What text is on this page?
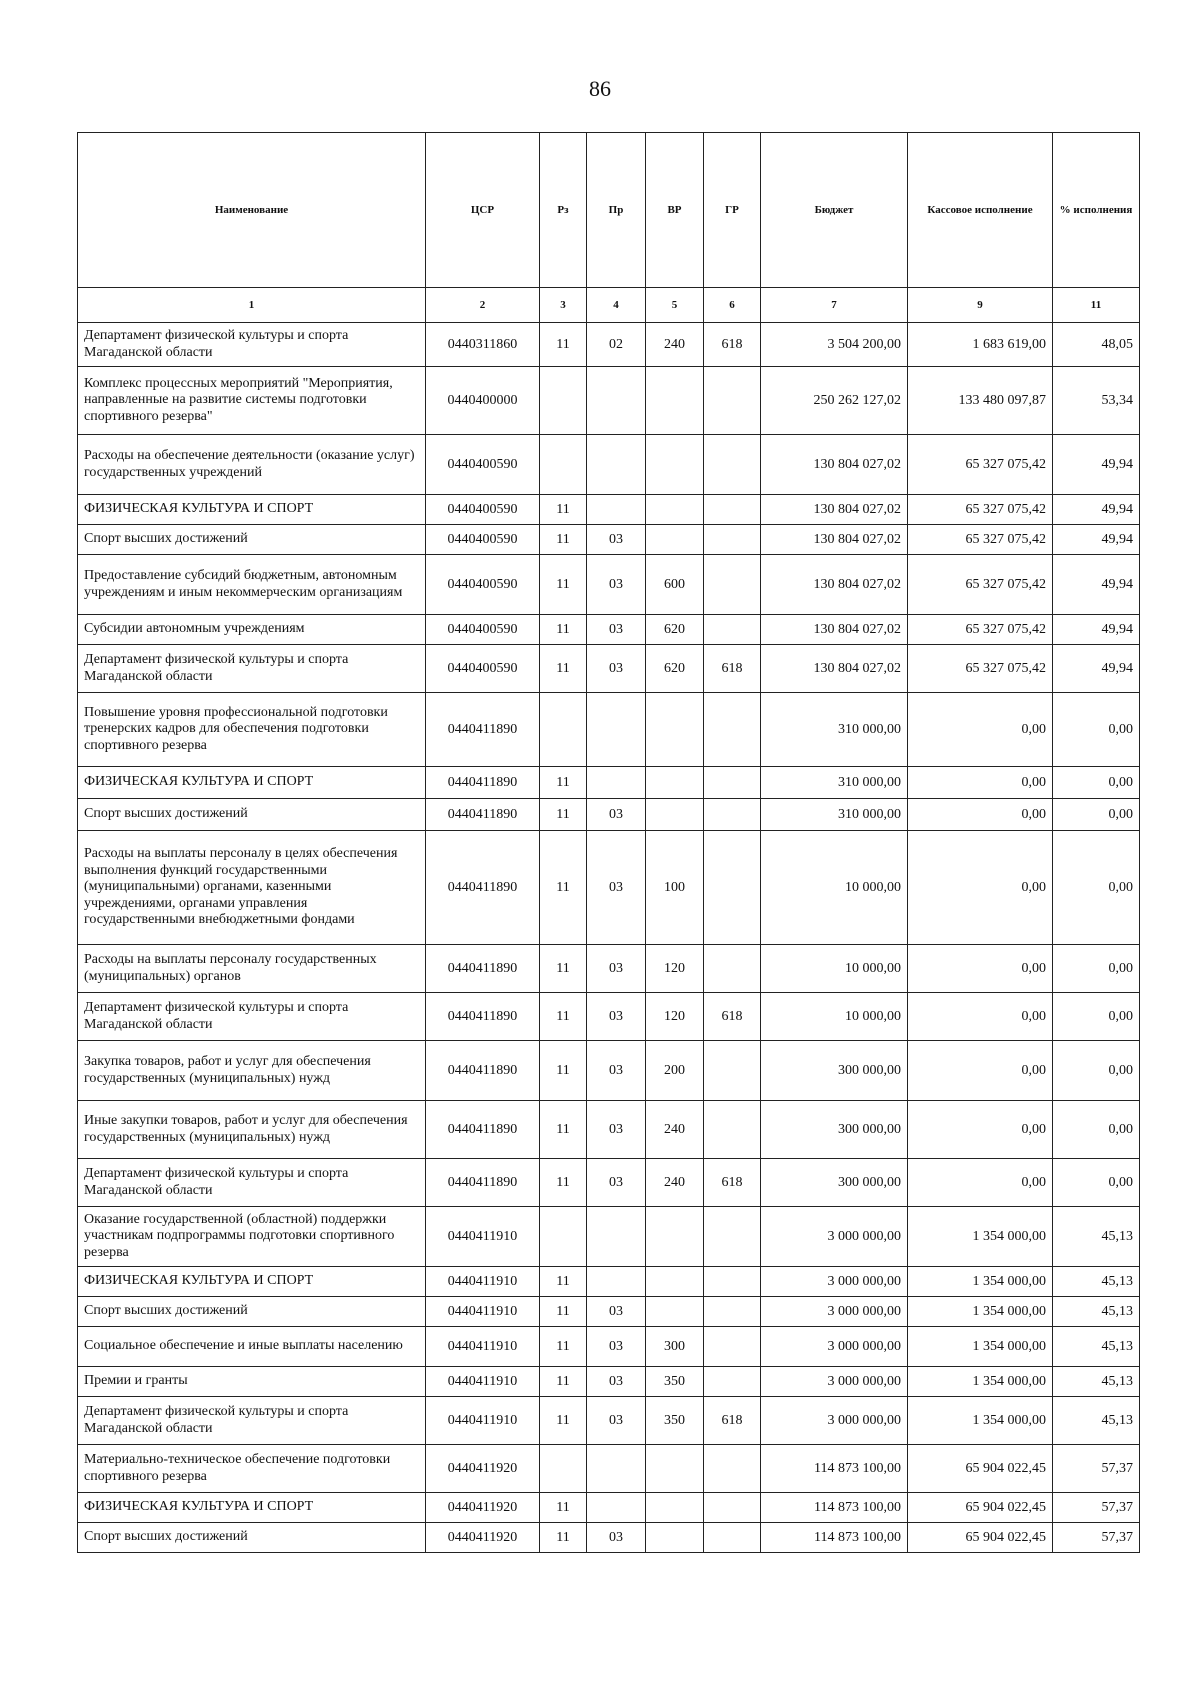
86
Наименование	ЦСР	Рз	Пр	ВР	ГР	Бюджет	Кассовое исполнение	% исполнения
1	2	3	4	5	6	7	9	11
Департамент физической культуры и спорта Магаданской области	0440311860	11	02	240	618	3 504 200,00	1 683 619,00	48,05
Комплекс процессных мероприятий "Мероприятия, направленные на развитие системы подготовки спортивного резерва"	0440400000					250 262 127,02	133 480 097,87	53,34
Расходы на обеспечение деятельности (оказание услуг) государственных учреждений	0440400590					130 804 027,02	65 327 075,42	49,94
ФИЗИЧЕСКАЯ КУЛЬТУРА И СПОРТ	0440400590	11				130 804 027,02	65 327 075,42	49,94
Спорт высших достижений	0440400590	11	03			130 804 027,02	65 327 075,42	49,94
Предоставление субсидий бюджетным, автономным учреждениям и иным некоммерческим организациям	0440400590	11	03	600		130 804 027,02	65 327 075,42	49,94
Субсидии автономным учреждениям	0440400590	11	03	620		130 804 027,02	65 327 075,42	49,94
Департамент физической культуры и спорта Магаданской области	0440400590	11	03	620	618	130 804 027,02	65 327 075,42	49,94
Повышение уровня профессиональной подготовки тренерских кадров для обеспечения подготовки спортивного резерва	0440411890					310 000,00	0,00	0,00
ФИЗИЧЕСКАЯ КУЛЬТУРА И СПОРТ	0440411890	11				310 000,00	0,00	0,00
Спорт высших достижений	0440411890	11	03			310 000,00	0,00	0,00
Расходы на выплаты персоналу в целях обеспечения выполнения функций государственными (муниципальными) органами, казенными учреждениями, органами управления государственными внебюджетными фондами	0440411890	11	03	100		10 000,00	0,00	0,00
Расходы на выплаты персоналу государственных (муниципальных) органов	0440411890	11	03	120		10 000,00	0,00	0,00
Департамент физической культуры и спорта Магаданской области	0440411890	11	03	120	618	10 000,00	0,00	0,00
Закупка товаров, работ и услуг для обеспечения государственных (муниципальных) нужд	0440411890	11	03	200		300 000,00	0,00	0,00
Иные закупки товаров, работ и услуг для обеспечения государственных (муниципальных) нужд	0440411890	11	03	240		300 000,00	0,00	0,00
Департамент физической культуры и спорта Магаданской области	0440411890	11	03	240	618	300 000,00	0,00	0,00
Оказание государственной (областной) поддержки участникам подпрограммы подготовки спортивного резерва	0440411910					3 000 000,00	1 354 000,00	45,13
ФИЗИЧЕСКАЯ КУЛЬТУРА И СПОРТ	0440411910	11				3 000 000,00	1 354 000,00	45,13
Спорт высших достижений	0440411910	11	03			3 000 000,00	1 354 000,00	45,13
Социальное обеспечение и иные выплаты населению	0440411910	11	03	300		3 000 000,00	1 354 000,00	45,13
Премии и гранты	0440411910	11	03	350		3 000 000,00	1 354 000,00	45,13
Департамент физической культуры и спорта Магаданской области	0440411910	11	03	350	618	3 000 000,00	1 354 000,00	45,13
Материально-техническое обеспечение подготовки спортивного резерва	0440411920					114 873 100,00	65 904 022,45	57,37
ФИЗИЧЕСКАЯ КУЛЬТУРА И СПОРТ	0440411920	11				114 873 100,00	65 904 022,45	57,37
Спорт высших достижений	0440411920	11	03			114 873 100,00	65 904 022,45	57,37
